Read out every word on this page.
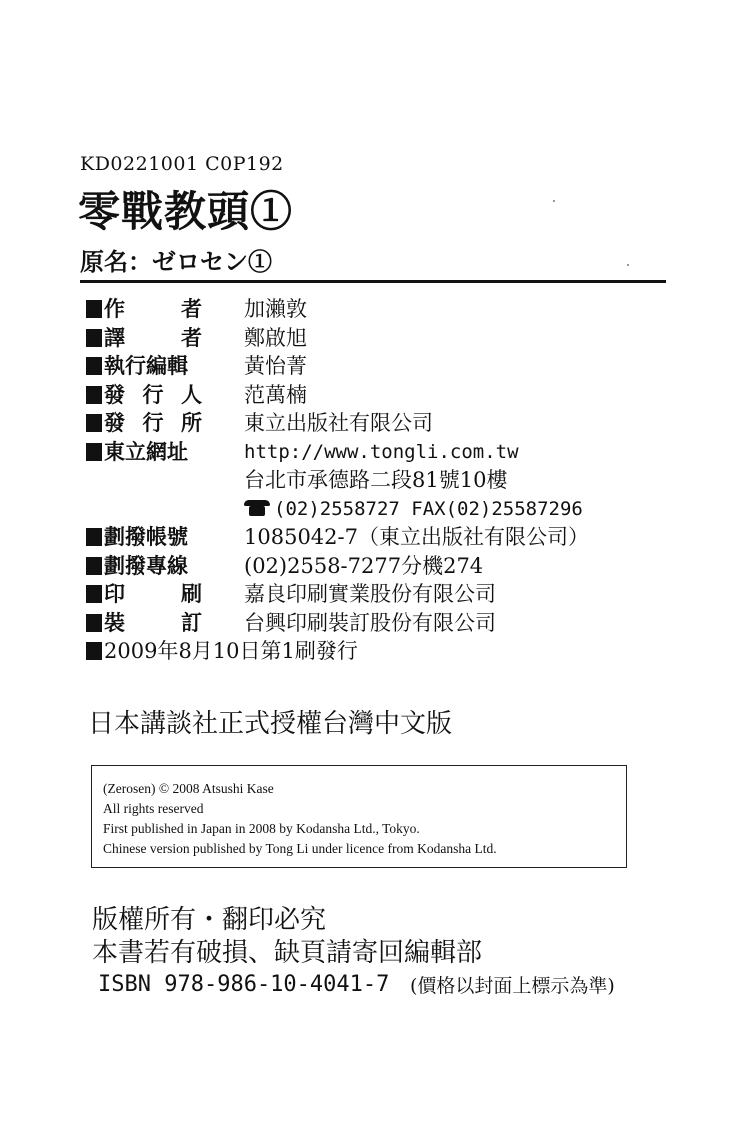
KD0221001 C0P192
零戰教頭①
原名：ゼロセン①
作	者 加瀨敦
譯	者 鄭啟旭
執行編輯	黃怡菁
發 行 人 范萬楠
發 行 所 東立出版社有限公司
東立網址	http://www.tongli.com.tw
台北市承德路二段81號10樓
(02)2558727 FAX(02)25587296
劃撥帳號	1085042-7（東立出版社有限公司）
劃撥專線	(02)2558-7277分機274
印	刷 嘉良印刷實業股份有限公司
裝	訂 台興印刷裝訂股份有限公司
2009年8月10日第1刷發行
日本講談社正式授權台灣中文版
(Zerosen) © 2008 Atsushi Kase
All rights reserved
First published in Japan in 2008 by Kodansha Ltd., Tokyo.
Chinese version published by Tong Li under licence from Kodansha Ltd.
版權所有・翻印必究
本書若有破損、缺頁請寄回編輯部
ISBN 978-986-10-4041-7 (價格以封面上標示為準)
